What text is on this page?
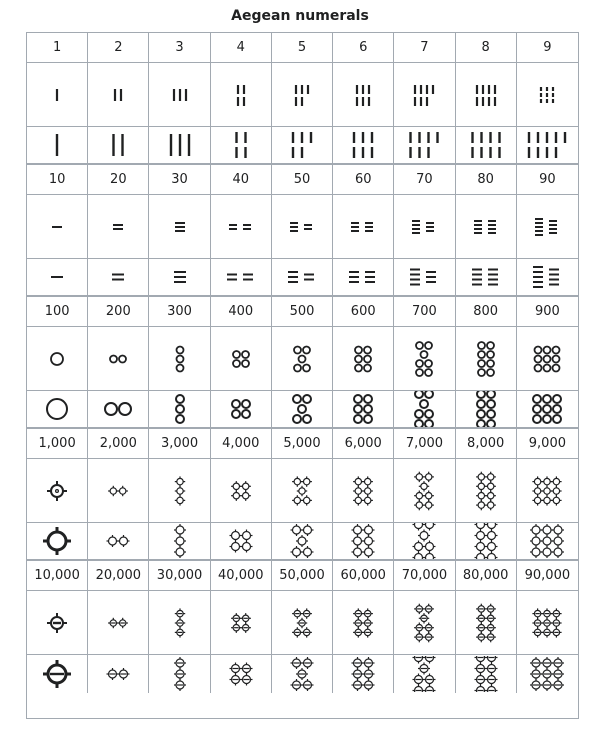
Aegean numerals
1	2	3	4	5	6	7	8	9
10	20	30	40	50	60	70	80	90
100	200	300	400	500	600	700	800	900
1,000	2,000	3,000	4,000	5,000	6,000	7,000	8,000	9,000
10,000	20,000	30,000	40,000	50,000	60,000	70,000	80,000	90,000
